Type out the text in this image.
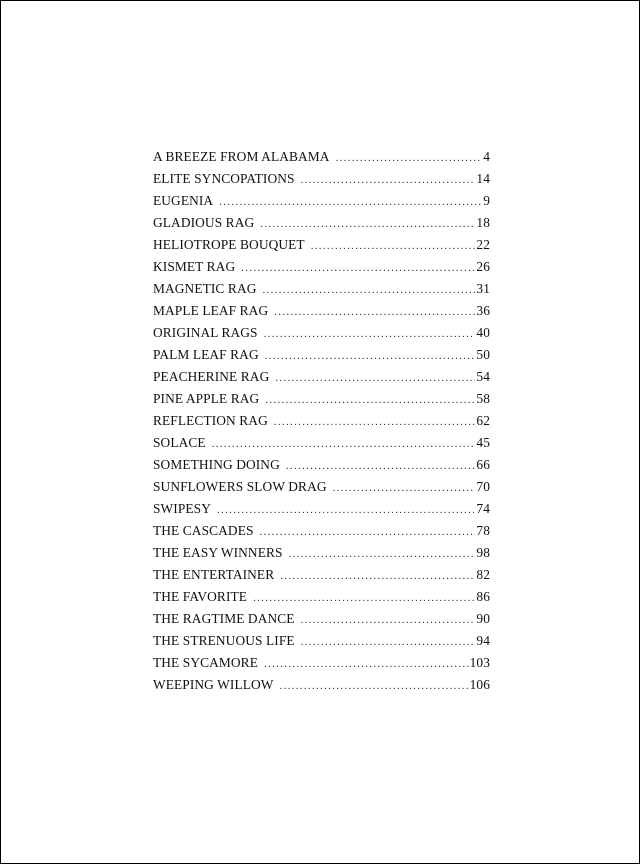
A BREEZE FROM ALABAMA .....	4
ELITE SYNCOPATIONS .....	14
EUGENIA .....	9
GLADIOUS RAG .....	18
HELIOTROPE BOUQUET .....	22
KISMET RAG .....	26
MAGNETIC RAG .....	31
MAPLE LEAF RAG .....	36
ORIGINAL RAGS .....	40
PALM LEAF RAG .....	50
PEACHERINE RAG .....	54
PINE APPLE RAG .....	58
REFLECTION RAG .....	62
SOLACE .....	45
SOMETHING DOING .....	66
SUNFLOWERS SLOW DRAG .....	70
SWIPESY .....	74
THE CASCADES .....	78
THE EASY WINNERS .....	98
THE ENTERTAINER .....	82
THE FAVORITE .....	86
THE RAGTIME DANCE .....	90
THE STRENUOUS LIFE .....	94
THE SYCAMORE .....	103
WEEPING WILLOW .....	106
